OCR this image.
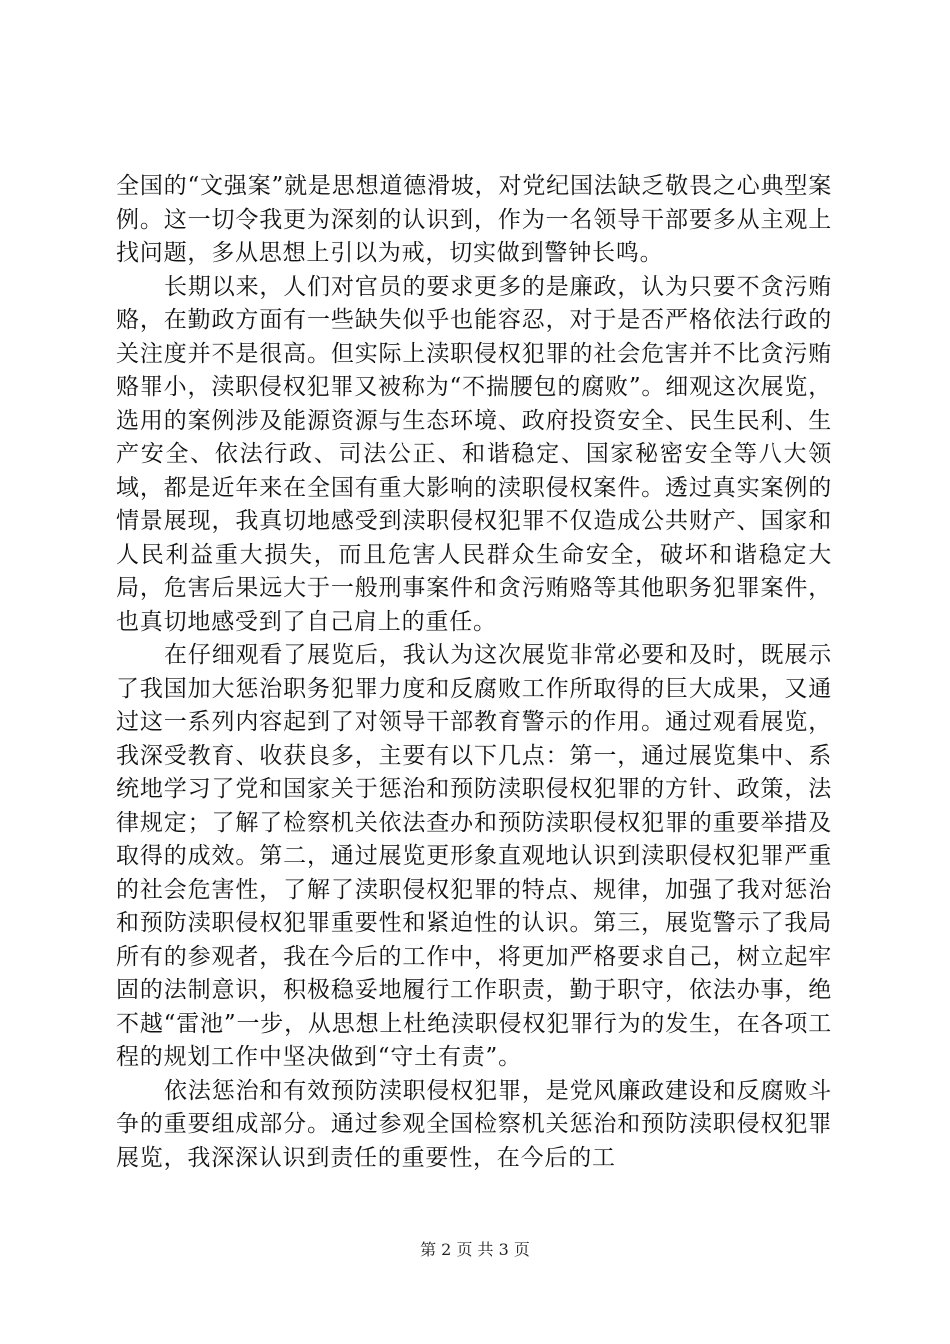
全国的“文强案”就是思想道德滑坡，对党纪国法缺乏敬畏之心典型案例。这一切令我更为深刻的认识到，作为一名领导干部要多从主观上找问题，多从思想上引以为戒，切实做到警钟长鸣。

长期以来，人们对官员的要求更多的是廉政，认为只要不贪污贿赂，在勤政方面有一些缺失似乎也能容忍，对于是否严格依法行政的关注度并不是很高。但实际上渎职侵权犯罪的社会危害并不比贪污贿赂罪小，渎职侵权犯罪又被称为“不揣腰包的腐败”。细观这次展览，选用的案例涉及能源资源与生态环境、政府投资安全、民生民利、生产安全、依法行政、司法公正、和谐稳定、国家秘密安全等八大领域，都是近年来在全国有重大影响的渎职侵权案件。透过真实案例的情景展现，我真切地感受到渎职侵权犯罪不仅造成公共财产、国家和人民利益重大损失，而且危害人民群众生命安全，破坏和谐稳定大局，危害后果远大于一般刑事案件和贪污贿赂等其他职务犯罪案件，也真切地感受到了自己肩上的重任。

在仔细观看了展览后，我认为这次展览非常必要和及时，既展示了我国加大惩治职务犯罪力度和反腐败工作所取得的巨大成果，又通过这一系列内容起到了对领导干部教育警示的作用。通过观看展览，我深受教育、收获良多，主要有以下几点：第一，通过展览集中、系统地学习了党和国家关于惩治和预防渎职侵权犯罪的方针、政策，法律规定；了解了检察机关依法查办和预防渎职侵权犯罪的重要举措及取得的成效。第二，通过展览更形象直观地认识到渎职侵权犯罪严重的社会危害性，了解了渎职侵权犯罪的特点、规律，加强了我对惩治和预防渎职侵权犯罪重要性和紧迫性的认识。第三，展览警示了我局所有的参观者，我在今后的工作中，将更加严格要求自己，树立起牢固的法制意识，积极稳妥地履行工作职责，勤于职守，依法办事，绝不越“雷池”一步，从思想上杜绝渎职侵权犯罪行为的发生，在各项工程的规划工作中坚决做到“守土有责”。

依法惩治和有效预防渎职侵权犯罪，是党风廉政建设和反腐败斗争的重要组成部分。通过参观全国检察机关惩治和预防渎职侵权犯罪展览，我深深认识到责任的重要性，在今后的工

第 2 页 共 3 页
